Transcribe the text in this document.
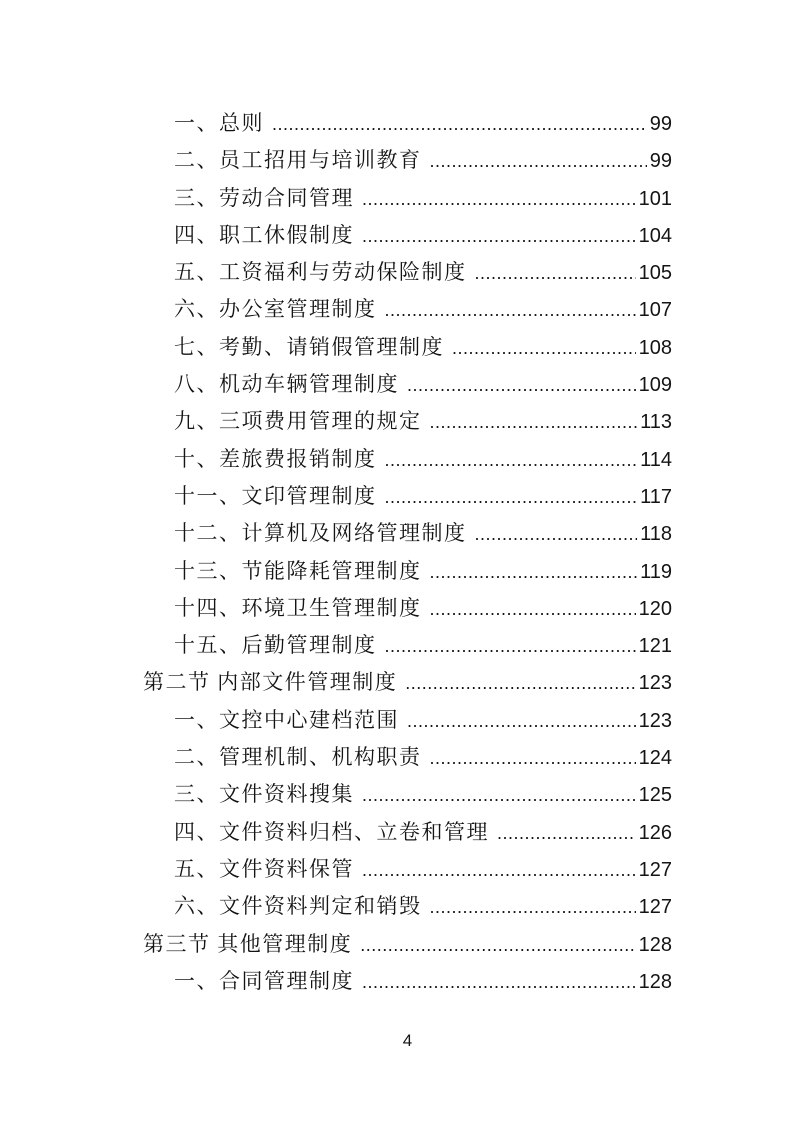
一、总则 .....	99
二、员工招用与培训教育 .....	99
三、劳动合同管理 .....	101
四、职工休假制度 .....	104
五、工资福利与劳动保险制度 .....	105
六、办公室管理制度 .....	107
七、考勤、请销假管理制度 .....	108
八、机动车辆管理制度 .....	109
九、三项费用管理的规定 .....	113
十、差旅费报销制度 .....	114
十一、文印管理制度 .....	117
十二、计算机及网络管理制度 .....	118
十三、节能降耗管理制度 .....	119
十四、环境卫生管理制度 .....	120
十五、后勤管理制度 .....	121
第二节 内部文件管理制度 .....	123
一、文控中心建档范围 .....	123
二、管理机制、机构职责 .....	124
三、文件资料搜集 .....	125
四、文件资料归档、立卷和管理 .....	126
五、文件资料保管 .....	127
六、文件资料判定和销毁 .....	127
第三节 其他管理制度 .....	128
一、合同管理制度 .....	128
4
